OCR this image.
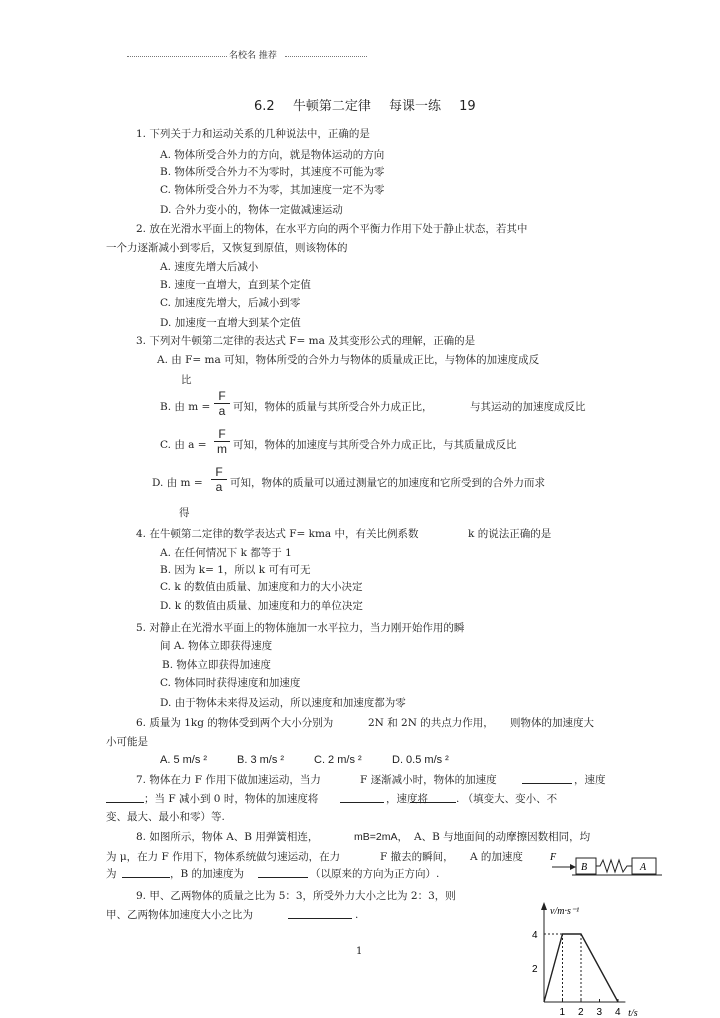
名校名 推荐
6.2 牛顿第二定律 每课一练 19
1. 下列关于力和运动关系的几种说法中，正确的是
A. 物体所受合外力的方向，就是物体运动的方向
B. 物体所受合外力不为零时，其速度不可能为零
C. 物体所受合外力不为零，其加速度一定不为零
D. 合外力变小的，物体一定做减速运动
2. 放在光滑水平面上的物体，在水平方向的两个平衡力作用下处于静止状态，若其中
一个力逐渐减小到零后，又恢复到原值，则该物体的
A. 速度先增大后减小
B. 速度一直增大，直到某个定值
C. 加速度先增大，后减小到零
D. 加速度一直增大到某个定值
3. 下列对牛顿第二定律的表达式 F= ma 及其变形公式的理解，正确的是
A. 由 F= ma 可知，物体所受的合外力与物体的质量成正比，与物体的加速度成反
比
B. 由 m =
F
a 可知，物体的质量与其所受合外力成正比，	与其运动的加速度成反比
C. 由 a =
F
m 可知，物体的加速度与其所受合外力成正比，与其质量成反比
D. 由 m =
F
a 可知，物体的质量可以通过测量它的加速度和它所受到的合外力而求
得
4. 在牛顿第二定律的数学表达式 F= kma 中，有关比例系数	k 的说法正确的是
A. 在任何情况下 k 都等于 1
B. 因为 k= 1，所以 k 可有可无
C. k 的数值由质量、加速度和力的大小决定
D. k 的数值由质量、加速度和力的单位决定
5. 对静止在光滑水平面上的物体施加一水平拉力，当力刚开始作用的瞬
间 A. 物体立即获得速度
B. 物体立即获得加速度
C. 物体同时获得速度和加速度
D. 由于物体未来得及运动，所以速度和加速度都为零
6. 质量为 1kg 的物体受到两个大小分别为	2N 和 2N 的共点力作用， 则物体的加速度大
小可能是
A. 5 m/s ²	B. 3 m/s ²	C. 2 m/s ²	D. 0.5 m/s ²
7. 物体在力 F 作用下做加速运动，当力	F 逐渐减小时，物体的加速度	，速度
；当 F 减小到 0 时，物体的加速度将	，速度将	. （填变大、变小、不
变、最大、最小和零）等.
8. 如图所示，物体 A、B 用弹簧相连，	mB=2mA， A、B 与地面间的动摩擦因数相同，均
为 μ，在力 F 作用下，物体系统做匀速运动，在力	F 撤去的瞬间， A 的加速度
为	，B 的加速度为	（以原来的方向为正方向）.
F
B	A
9. 甲、乙两物体的质量之比为 5：3，所受外力大小之比为 2：3，则
甲、乙两物体加速度大小之比为	.
1
v/m·s⁻¹
t/s
4
2
1 2 3 4
